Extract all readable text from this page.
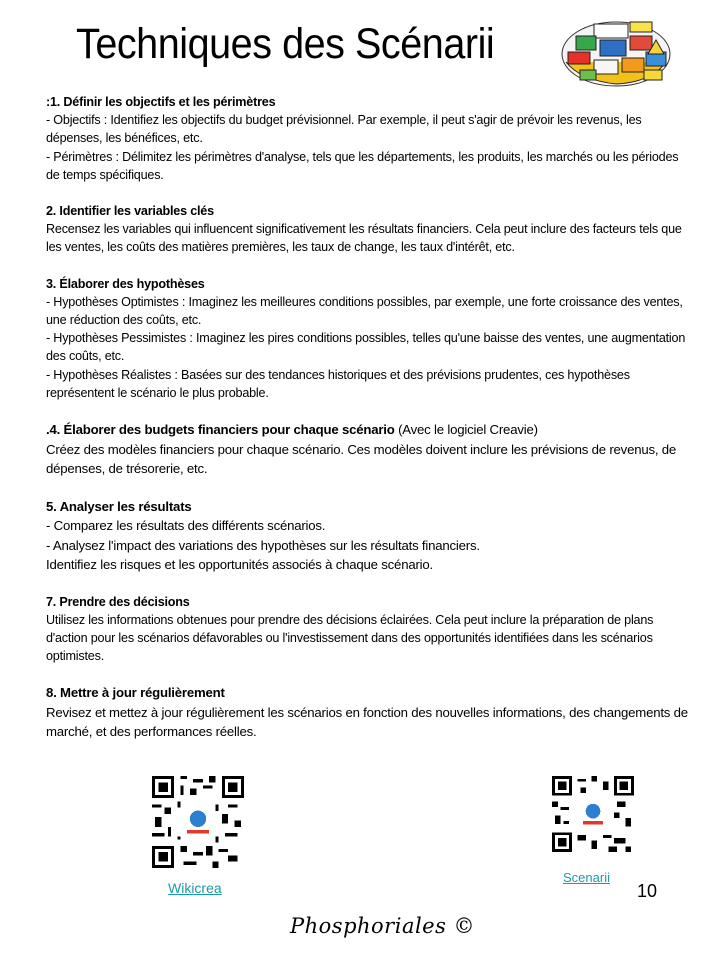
Techniques des Scénarii
:1. Définir les objectifs et les périmètres

- Objectifs : Identifiez les objectifs du budget prévisionnel. Par exemple, il peut s'agir de prévoir les revenus, les dépenses, les bénéfices, etc.

- Périmètres : Délimitez les périmètres d'analyse, tels que les départements, les produits, les marchés ou les périodes de temps spécifiques.

2. Identifier les variables clés

Recensez les variables qui influencent significativement les résultats financiers. Cela peut inclure des facteurs tels que les ventes, les coûts des matières premières, les taux de change, les taux d'intérêt, etc.

3. Élaborer des hypothèses

- Hypothèses Optimistes : Imaginez les meilleures conditions possibles, par exemple, une forte croissance des ventes, une réduction des coûts, etc.

- Hypothèses Pessimistes : Imaginez les pires conditions possibles, telles qu'une baisse des ventes, une augmentation des coûts, etc.

- Hypothèses Réalistes : Basées sur des tendances historiques et des prévisions prudentes, ces hypothèses représentent le scénario le plus probable.

.4. Élaborer des budgets financiers pour chaque scénario (Avec le logiciel Creavie)

Créez des modèles financiers pour chaque scénario. Ces modèles doivent inclure les prévisions de revenus, de dépenses, de trésorerie, etc.

5. Analyser les résultats

- Comparez les résultats des différents scénarios.

- Analysez l'impact des variations des hypothèses sur les résultats financiers.

Identifiez les risques et les opportunités associés à chaque scénario.

7. Prendre des décisions

Utilisez les informations obtenues pour prendre des décisions éclairées. Cela peut inclure la préparation de plans d'action pour les scénarios défavorables ou l'investissement dans des opportunités identifiées dans les scénarios optimistes.

8. Mettre à jour régulièrement

Revisez et mettez à jour régulièrement les scénarios en fonction des nouvelles informations, des changements de marché, et des performances réelles.

Wikicrea
Scenarii
10
Phosphoriales ©
